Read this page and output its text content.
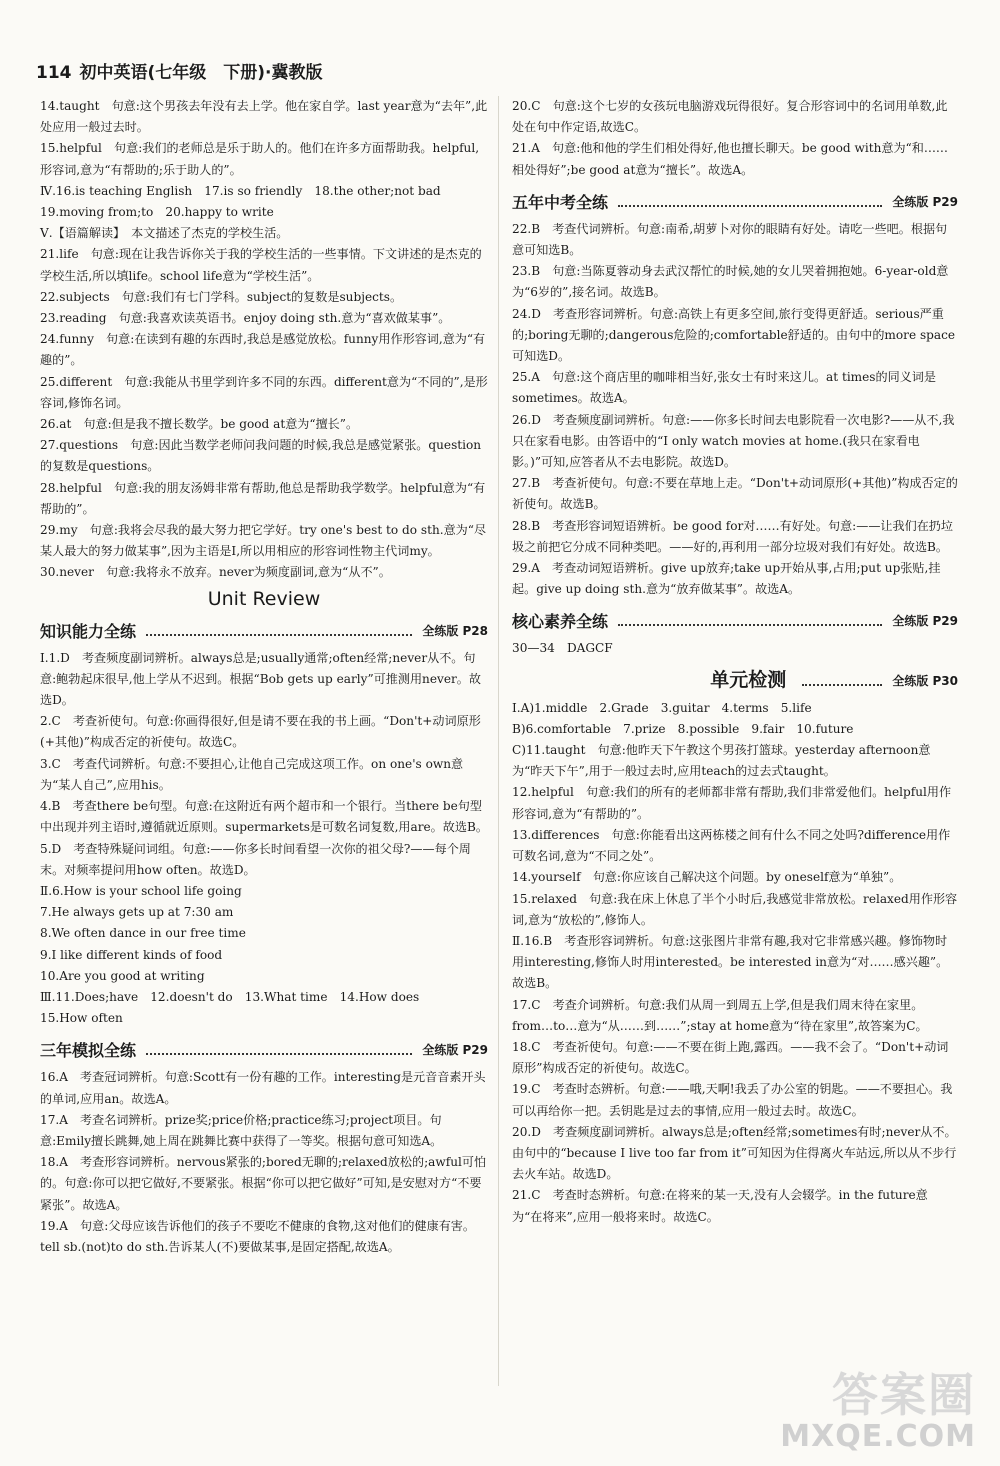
114 初中英语(七年级　下册)·冀教版

14.taught　句意:这个男孩去年没有去上学。他在家自学。last year意为“去年”,此处应用一般过去时。

15.helpful　句意:我们的老师总是乐于助人的。他们在许多方面帮助我。helpful,形容词,意为“有帮助的;乐于助人的”。

Ⅳ.16.is teaching English　17.is so friendly　18.the other;not bad

19.moving from;to　20.happy to write

Ⅴ.【语篇解读】　本文描述了杰克的学校生活。

21.life　句意:现在让我告诉你关于我的学校生活的一些事情。下文讲述的是杰克的学校生活,所以填life。school life意为“学校生活”。

22.subjects　句意:我们有七门学科。subject的复数是subjects。

23.reading　句意:我喜欢读英语书。enjoy doing sth.意为“喜欢做某事”。

24.funny　句意:在读到有趣的东西时,我总是感觉放松。funny用作形容词,意为“有趣的”。

25.different　句意:我能从书里学到许多不同的东西。different意为“不同的”,是形容词,修饰名词。

26.at　句意:但是我不擅长数学。be good at意为“擅长”。

27.questions　句意:因此当数学老师问我问题的时候,我总是感觉紧张。question的复数是questions。

28.helpful　句意:我的朋友汤姆非常有帮助,他总是帮助我学数学。helpful意为“有帮助的”。

29.my　句意:我将会尽我的最大努力把它学好。try one's best to do sth.意为“尽某人最大的努力做某事”,因为主语是I,所以用相应的形容词性物主代词my。

30.never　句意:我将永不放弃。never为频度副词,意为“从不”。

Unit Review
知识能力全练	全练版 P28

Ⅰ.1.D　考查频度副词辨析。always总是;usually通常;often经常;never从不。句意:鲍勃起床很早,他上学从不迟到。根据“Bob gets up early”可推测用never。故选D。

2.C　考查祈使句。句意:你画得很好,但是请不要在我的书上画。“Don't+动词原形(+其他)”构成否定的祈使句。故选C。

3.C　考查代词辨析。句意:不要担心,让他自己完成这项工作。on one's own意为“某人自己”,应用his。

4.B　考查there be句型。句意:在这附近有两个超市和一个银行。当there be句型中出现并列主语时,遵循就近原则。supermarkets是可数名词复数,用are。故选B。

5.D　考查特殊疑问词组。句意:——你多长时间看望一次你的祖父母?——每个周末。对频率提问用how often。故选D。

Ⅱ.6.How is your school life going

7.He always gets up at 7:30 am

8.We often dance in our free time

9.I like different kinds of food

10.Are you good at writing

Ⅲ.11.Does;have　12.doesn't do　13.What time　14.How does

15.How often

三年模拟全练	全练版 P29

16.A　考查冠词辨析。句意:Scott有一份有趣的工作。interesting是元音音素开头的单词,应用an。故选A。

17.A　考查名词辨析。prize奖;price价格;practice练习;project项目。句意:Emily擅长跳舞,她上周在跳舞比赛中获得了一等奖。根据句意可知选A。

18.A　考查形容词辨析。nervous紧张的;bored无聊的;relaxed放松的;awful可怕的。句意:你可以把它做好,不要紧张。根据“你可以把它做好”可知,是安慰对方“不要紧张”。故选A。

19.A　句意:父母应该告诉他们的孩子不要吃不健康的食物,这对他们的健康有害。tell sb.(not)to do sth.告诉某人(不)要做某事,是固定搭配,故选A。

20.C　句意:这个七岁的女孩玩电脑游戏玩得很好。复合形容词中的名词用单数,此处在句中作定语,故选C。

21.A　句意:他和他的学生们相处得好,他也擅长聊天。be good with意为“和……相处得好”;be good at意为“擅长”。故选A。

五年中考全练	全练版 P29

22.B　考查代词辨析。句意:南希,胡萝卜对你的眼睛有好处。请吃一些吧。根据句意可知选B。

23.B　句意:当陈夏蓉动身去武汉帮忙的时候,她的女儿哭着拥抱她。6-year-old意为“6岁的”,接名词。故选B。

24.D　考查形容词辨析。句意:高铁上有更多空间,旅行变得更舒适。serious严重的;boring无聊的;dangerous危险的;comfortable舒适的。由句中的more space可知选D。

25.A　句意:这个商店里的咖啡相当好,张女士有时来这儿。at times的同义词是sometimes。故选A。

26.D　考查频度副词辨析。句意:——你多长时间去电影院看一次电影?——从不,我只在家看电影。由答语中的“I only watch movies at home.(我只在家看电影。)”可知,应答者从不去电影院。故选D。

27.B　考查祈使句。句意:不要在草地上走。“Don't+动词原形(+其他)”构成否定的祈使句。故选B。

28.B　考查形容词短语辨析。be good for对……有好处。句意:——让我们在扔垃圾之前把它分成不同种类吧。——好的,再利用一部分垃圾对我们有好处。故选B。

29.A　考查动词短语辨析。give up放弃;take up开始从事,占用;put up张贴,挂起。give up doing sth.意为“放弃做某事”。故选A。

核心素养全练	全练版 P29

30—34　DAGCF

单元检测	全练版 P30

Ⅰ.A)1.middle　2.Grade　3.guitar　4.terms　5.life

B)6.comfortable　7.prize　8.possible　9.fair　10.future

C)11.taught　句意:他昨天下午教这个男孩打篮球。yesterday afternoon意为“昨天下午”,用于一般过去时,应用teach的过去式taught。

12.helpful　句意:我们的所有的老师都非常有帮助,我们非常爱他们。helpful用作形容词,意为“有帮助的”。

13.differences　句意:你能看出这两栋楼之间有什么不同之处吗?difference用作可数名词,意为“不同之处”。

14.yourself　句意:你应该自己解决这个问题。by oneself意为“单独”。

15.relaxed　句意:我在床上休息了半个小时后,我感觉非常放松。relaxed用作形容词,意为“放松的”,修饰人。

Ⅱ.16.B　考查形容词辨析。句意:这张图片非常有趣,我对它非常感兴趣。修饰物时用interesting,修饰人时用interested。be interested in意为“对……感兴趣”。故选B。

17.C　考查介词辨析。句意:我们从周一到周五上学,但是我们周末待在家里。from…to…意为“从……到……”;stay at home意为“待在家里”,故答案为C。

18.C　考查祈使句。句意:——不要在街上跑,露西。——我不会了。“Don't+动词原形”构成否定的祈使句。故选C。

19.C　考查时态辨析。句意:——哦,天啊!我丢了办公室的钥匙。——不要担心。我可以再给你一把。丢钥匙是过去的事情,应用一般过去时。故选C。

20.D　考查频度副词辨析。always总是;often经常;sometimes有时;never从不。由句中的“because I live too far from it”可知因为住得离火车站远,所以从不步行去火车站。故选D。

21.C　考查时态辨析。句意:在将来的某一天,没有人会辍学。in the future意为“在将来”,应用一般将来时。故选C。

答案圈
MXQE.COM
